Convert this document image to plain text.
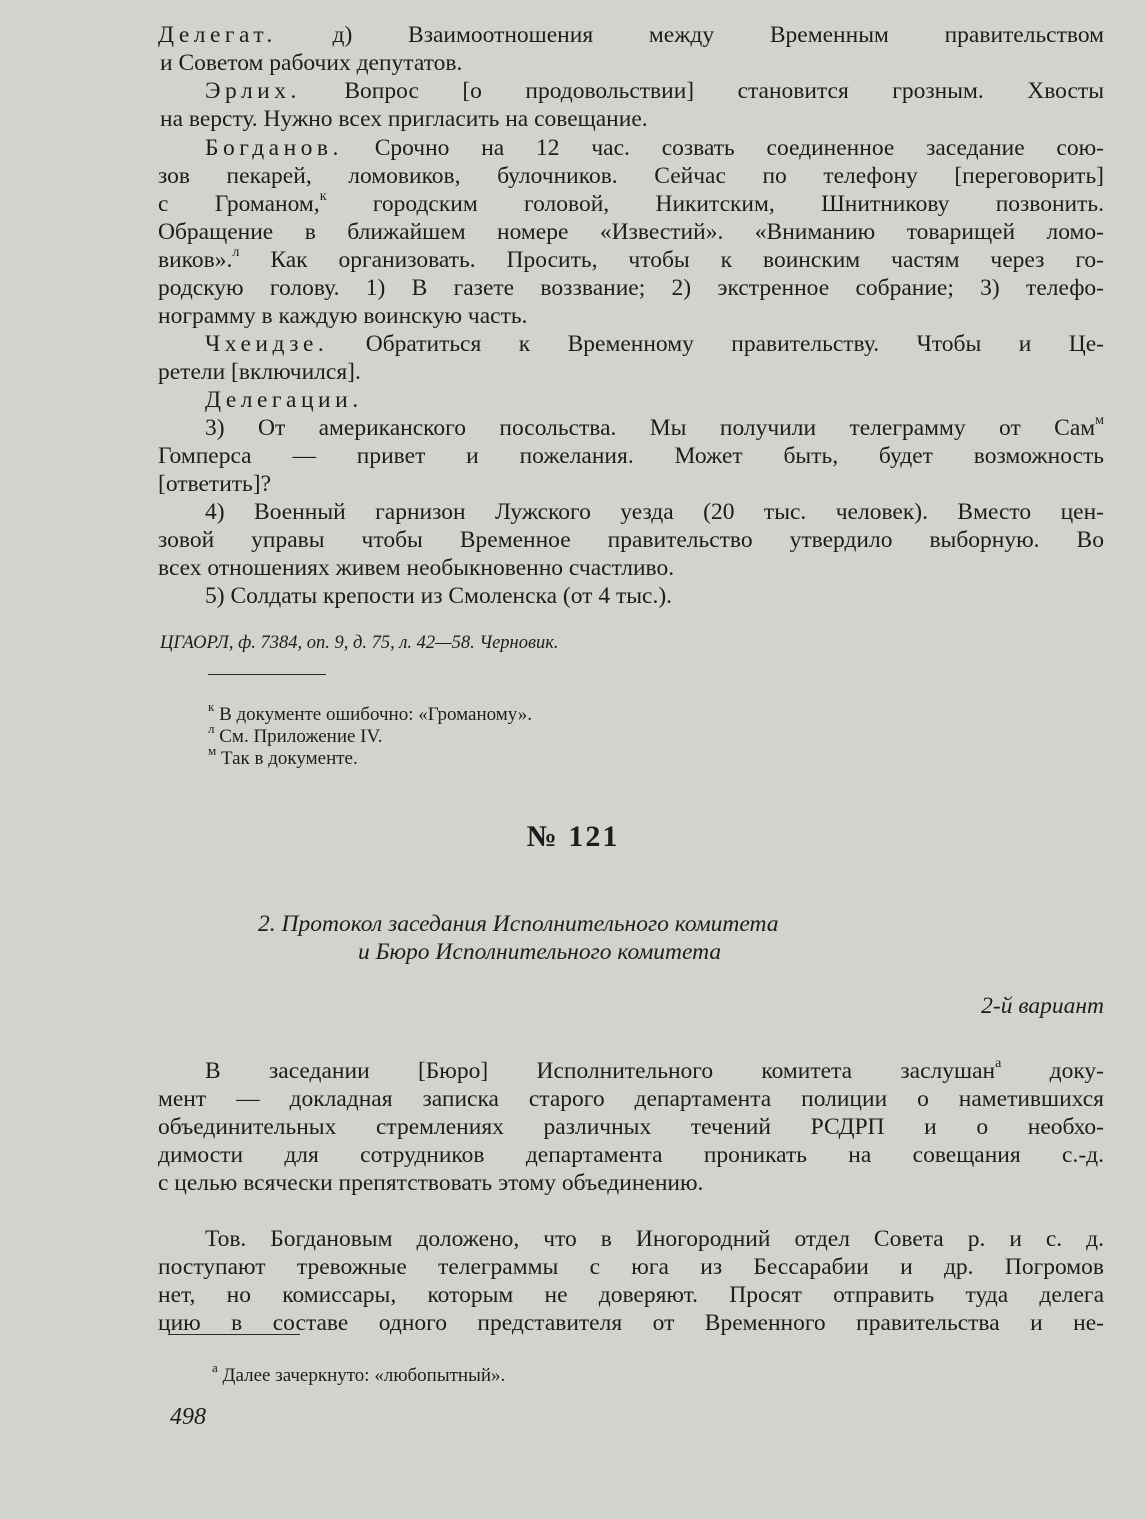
Делегат. д) Взаимоотношения между Временным правительством
и Советом рабочих депутатов.
Эрлих. Вопрос [о продовольствии] становится грозным. Хвосты
на версту. Нужно всех пригласить на совещание.
Богданов. Срочно на 12 час. созвать соединенное заседание сою-
зов пекарей, ломовиков, булочников. Сейчас по телефону [переговорить]
с Громаном,$^к$ городским головой, Никитским, Шнитникову позвонить.
Обращение в ближайшем номере «Известий». «Вниманию товарищей ломо-
виков».$^л$ Как организовать. Просить, чтобы к воинским частям через го-
родскую голову. 1) В газете воззвание; 2) экстренное собрание; 3) телефо-
нограмму в каждую воинскую часть.
Чхеидзе. Обратиться к Временному правительству. Чтобы и Це-
ретели [включился].
Делегации.
3) От американского посольства. Мы получили телеграмму от Сам$^м$
Гомперса — привет и пожелания. Может быть, будет возможность
[ответить]?
4) Военный гарнизон Лужского уезда (20 тыс. человек). Вместо цен-
зовой управы чтобы Временное правительство утвердило выборную. Во
всех отношениях живем необыкновенно счастливо.
5) Солдаты крепости из Смоленска (от 4 тыс.).
ЦГАОРЛ, ф. 7384, оп. 9, д. 75, л. 42—58. Черновик.
$^к$ В документе ошибочно: «Громаному».
$^л$ См. Приложение IV.
$^м$ Так в документе.
№ 121
2. Протокол заседания Исполнительного комитета
и Бюро Исполнительного комитета
2-й вариант
В заседании [Бюро] Исполнительного комитета заслушан$^а$ доку-
мент — докладная записка старого департамента полиции о наметившихся
объединительных стремлениях различных течений РСДРП и о необхо-
димости для сотрудников департамента проникать на совещания с.-д.
с целью всячески препятствовать этому объединению.
Тов. Богдановым доложено, что в Иногородний отдел Совета р. и с. д.
поступают тревожные телеграммы с юга из Бессарабии и др. Погромов
нет, но комиссары, которым не доверяют. Просят отправить туда делега
цию в составе одного представителя от Временного правительства и не-
$^а$ Далее зачеркнуто: «любопытный».
498
